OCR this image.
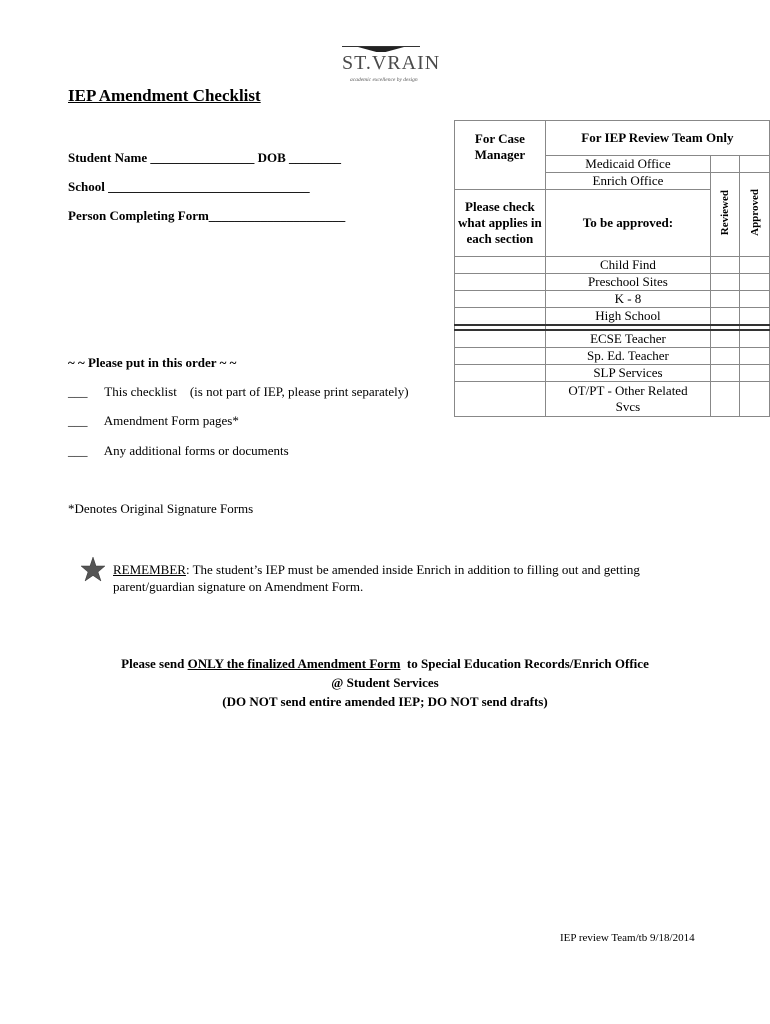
ST.VRAIN
academic excellence by design
IEP Amendment Checklist
Student Name ________________ DOB ________
School _______________________________
Person Completing Form_____________________
~ ~ Please put in this order ~ ~
___ This checklist    (is not part of IEP, please print separately)
___ Amendment Form pages*
___ Any additional forms or documents
*Denotes Original Signature Forms
For Case Manager	For IEP Review Team Only		
	Medicaid Office		
	Enrich Office	Reviewed	Approved
Please check what applies in each section	To be approved:		
	Child Find		
	Preschool Sites		
	K - 8		
	High School		

	ECSE Teacher		
	Sp. Ed. Teacher		
	SLP Services		
	OT/PT - Other Related Svcs		
REMEMBER: The student’s IEP must be amended inside Enrich in addition to filling out and getting
parent/guardian signature on Amendment Form.
Please send ONLY the finalized Amendment Form  to Special Education Records/Enrich Office
@ Student Services
(DO NOT send entire amended IEP; DO NOT send drafts)
IEP review Team/tb 9/18/2014
